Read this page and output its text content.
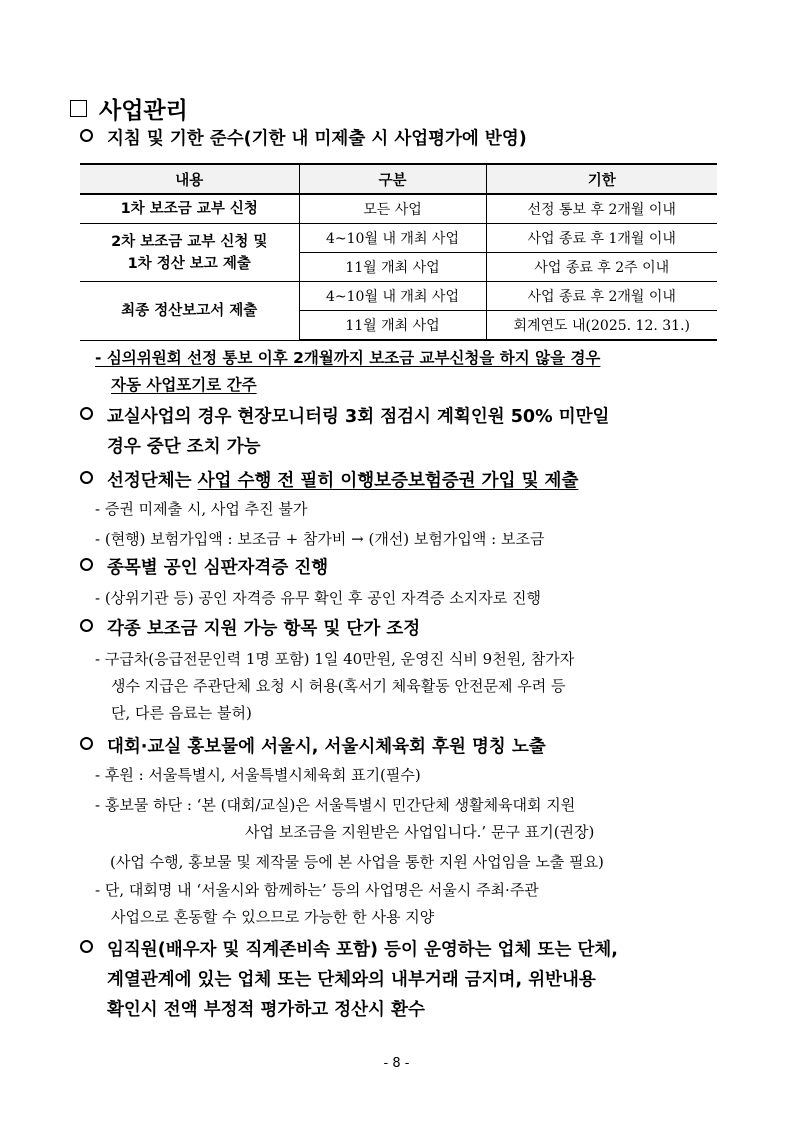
사업관리
지침 및 기한 준수(기한 내 미제출 시 사업평가에 반영)
내용	구분	기한
1차 보조금 교부 신청	모든 사업	선정 통보 후 2개월 이내
2차 보조금 교부 신청 및
1차 정산 보고 제출	4~10월 내 개최 사업	사업 종료 후 1개월 이내
	11월 개최 사업	사업 종료 후 2주 이내
최종 정산보고서 제출	4~10월 내 개최 사업	사업 종료 후 2개월 이내
	11월 개최 사업	회계연도 내(2025. 12. 31.)
- 심의위원회 선정 통보 이후 2개월까지 보조금 교부신청을 하지 않을 경우
자동 사업포기로 간주
교실사업의 경우 현장모니터링 3회 점검시 계획인원 50% 미만일
경우 중단 조치 가능
선정단체는 사업 수행 전 필히 이행보증보험증권 가입 및 제출
- 증권 미제출 시, 사업 추진 불가
- (현행) 보험가입액 : 보조금 + 참가비 → (개선) 보험가입액 : 보조금
종목별 공인 심판자격증 진행
- (상위기관 등) 공인 자격증 유무 확인 후 공인 자격증 소지자로 진행
각종 보조금 지원 가능 항목 및 단가 조정
- 구급차(응급전문인력 1명 포함) 1일 40만원, 운영진 식비 9천원, 참가자
생수 지급은 주관단체 요청 시 허용(혹서기 체육활동 안전문제 우려 등
단, 다른 음료는 불허)
대회·교실 홍보물에 서울시, 서울시체육회 후원 명칭 노출
- 후원 : 서울특별시, 서울특별시체육회 표기(필수)
- 홍보물 하단 : ‘본 (대회/교실)은 서울특별시 민간단체 생활체육대회 지원
사업 보조금을 지원받은 사업입니다.’ 문구 표기(권장)
(사업 수행, 홍보물 및 제작물 등에 본 사업을 통한 지원 사업임을 노출 필요)
- 단, 대회명 내 ‘서울시와 함께하는’ 등의 사업명은 서울시 주최·주관
사업으로 혼동할 수 있으므로 가능한 한 사용 지양
임직원(배우자 및 직계존비속 포함) 등이 운영하는 업체 또는 단체,
계열관계에 있는 업체 또는 단체와의 내부거래 금지며, 위반내용
확인시 전액 부정적 평가하고 정산시 환수
- 8 -
